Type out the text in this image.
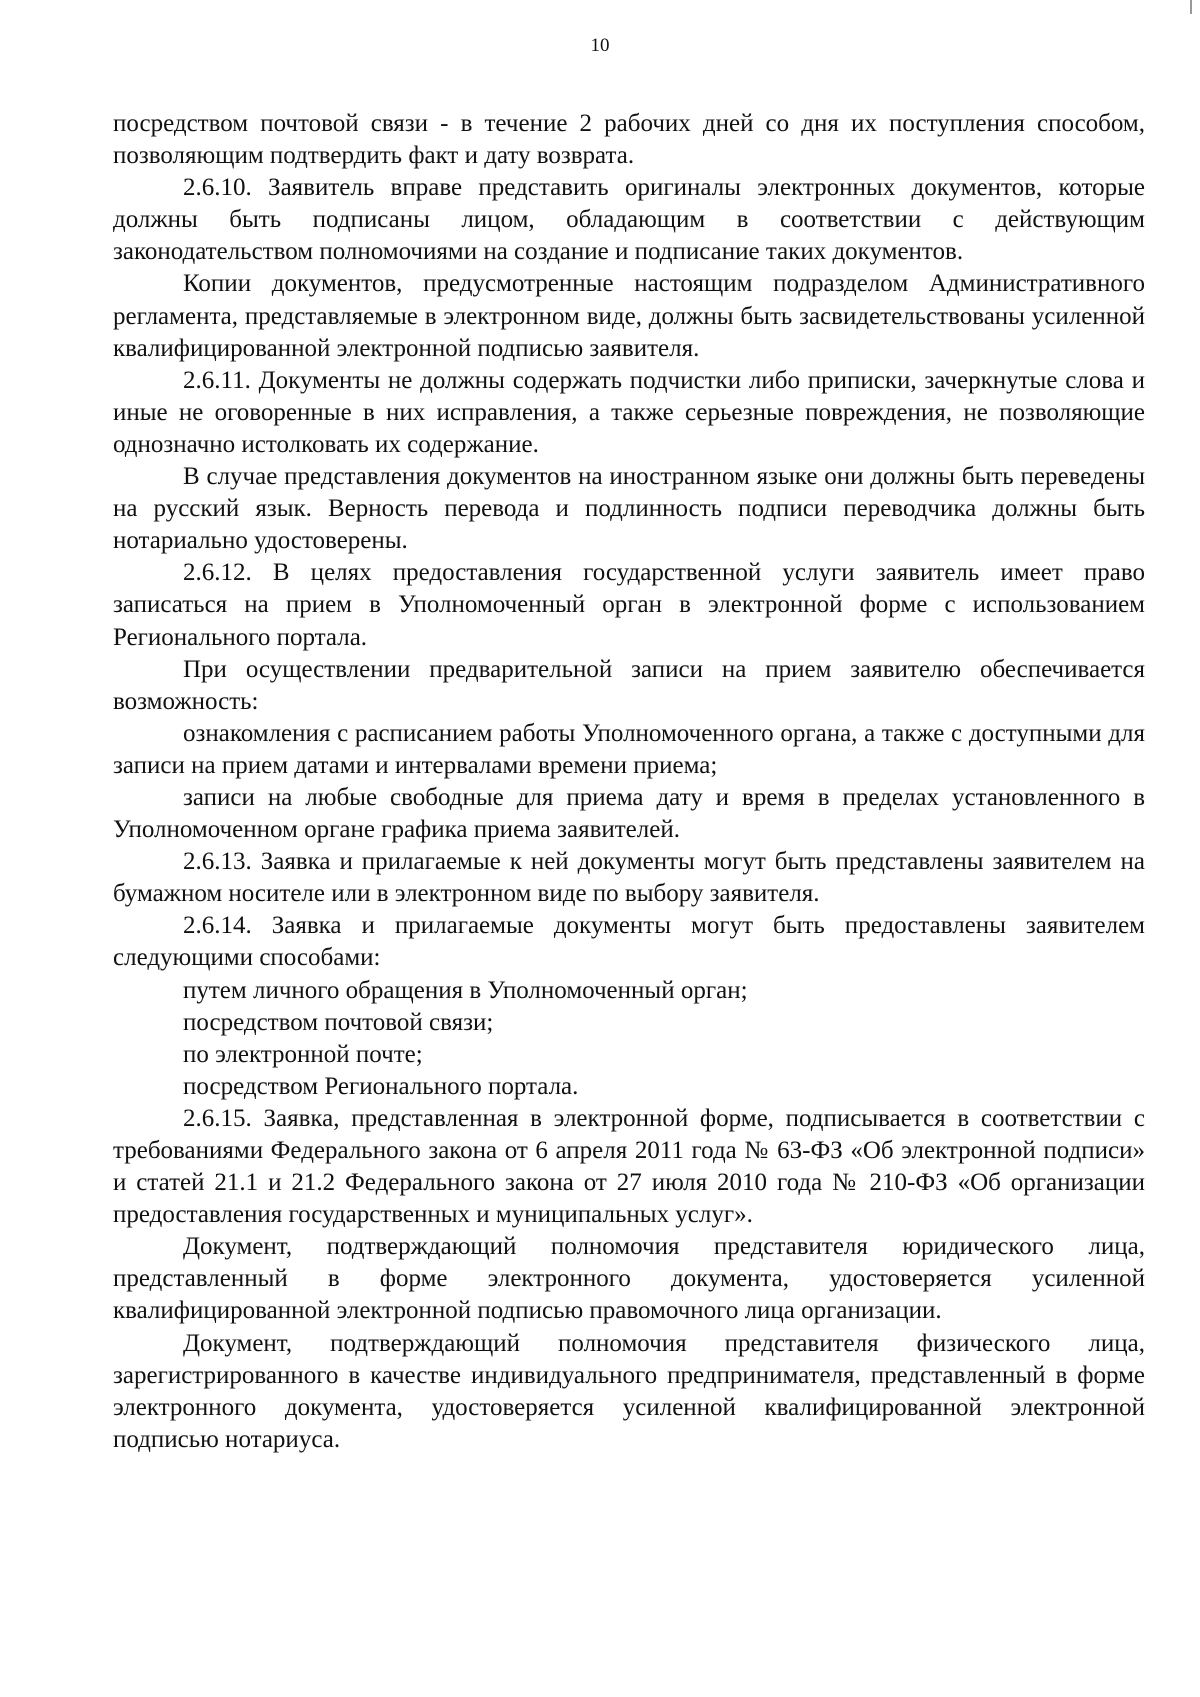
10

посредством почтовой связи - в течение 2 рабочих дней со дня их поступления способом, позволяющим подтвердить факт и дату возврата.

2.6.10. Заявитель вправе представить оригиналы электронных документов, которые должны быть подписаны лицом, обладающим в соответствии с действующим законодательством полномочиями на создание и подписание таких документов.

Копии документов, предусмотренные настоящим подразделом Административного регламента, представляемые в электронном виде, должны быть засвидетельствованы усиленной квалифицированной электронной подписью заявителя.

2.6.11. Документы не должны содержать подчистки либо приписки, зачеркнутые слова и иные не оговоренные в них исправления, а также серьезные повреждения, не позволяющие однозначно истолковать их содержание.

В случае представления документов на иностранном языке они должны быть переведены на русский язык. Верность перевода и подлинность подписи переводчика должны быть нотариально удостоверены.

2.6.12. В целях предоставления государственной услуги заявитель имеет право записаться на прием в Уполномоченный орган в электронной форме с использованием Регионального портала.

При осуществлении предварительной записи на прием заявителю обеспечивается возможность:

ознакомления с расписанием работы Уполномоченного органа, а также с доступными для записи на прием датами и интервалами времени приема;

записи на любые свободные для приема дату и время в пределах установленного в Уполномоченном органе графика приема заявителей.

2.6.13. Заявка и прилагаемые к ней документы могут быть представлены заявителем на бумажном носителе или в электронном виде по выбору заявителя.

2.6.14. Заявка и прилагаемые документы могут быть предоставлены заявителем следующими способами:

путем личного обращения в Уполномоченный орган;

посредством почтовой связи;

по электронной почте;

посредством Регионального портала.

2.6.15. Заявка, представленная в электронной форме, подписывается в соответствии с требованиями Федерального закона от 6 апреля 2011 года № 63-ФЗ «Об электронной подписи» и статей 21.1 и 21.2 Федерального закона от 27 июля 2010 года № 210-ФЗ «Об организации предоставления государственных и муниципальных услуг».

Документ, подтверждающий полномочия представителя юридического лица, представленный в форме электронного документа, удостоверяется усиленной квалифицированной электронной подписью правомочного лица организации.

Документ, подтверждающий полномочия представителя физического лица, зарегистрированного в качестве индивидуального предпринимателя, представленный в форме электронного документа, удостоверяется усиленной квалифицированной электронной подписью нотариуса.
